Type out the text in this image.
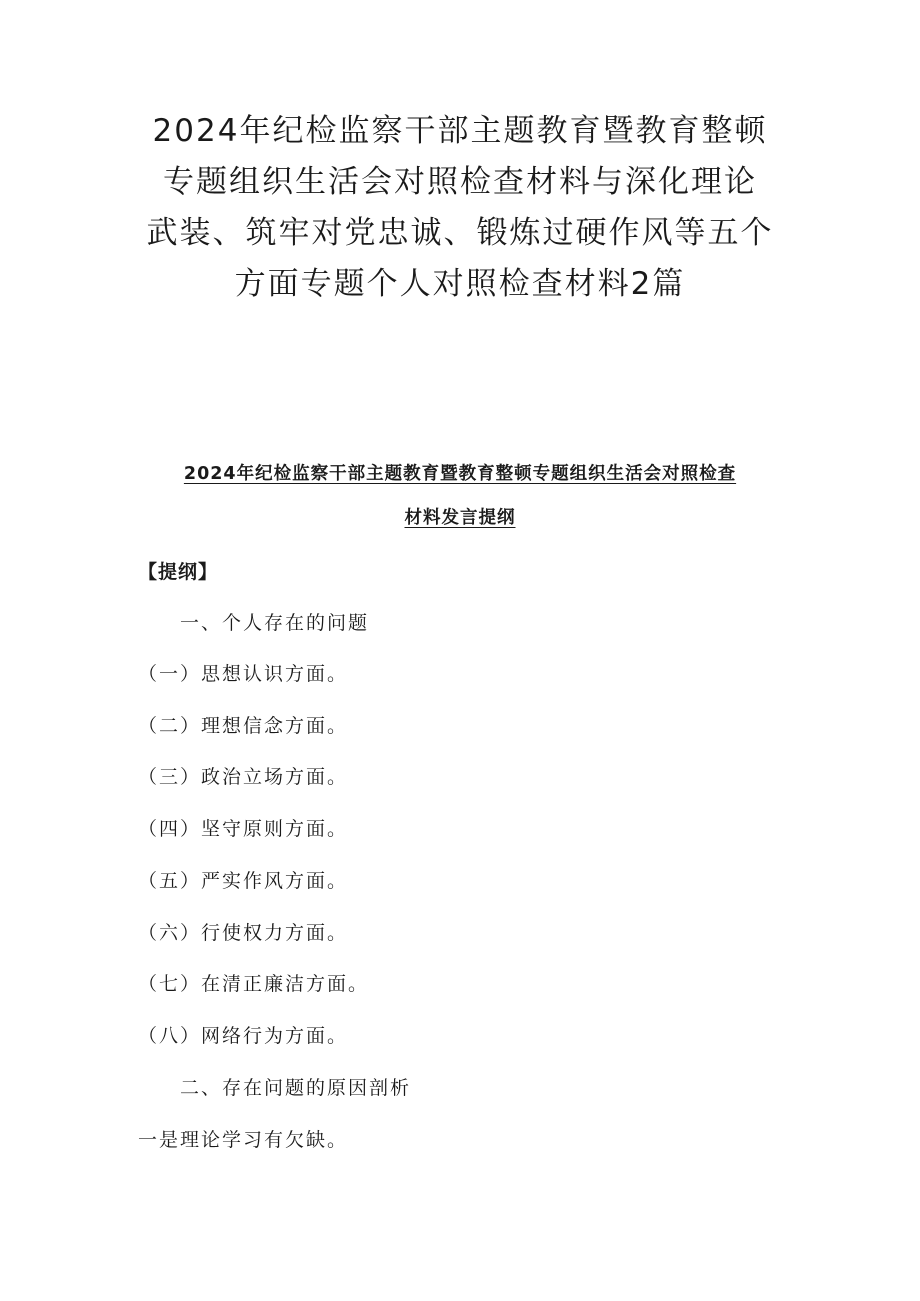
2024年纪检监察干部主题教育暨教育整顿
专题组织生活会对照检查材料与深化理论
武装、筑牢对党忠诚、锻炼过硬作风等五个
方面专题个人对照检查材料2篇
2024年纪检监察干部主题教育暨教育整顿专题组织生活会对照检查
材料发言提纲

【提纲】

一、个人存在的问题

（一）思想认识方面。

（二）理想信念方面。

（三）政治立场方面。

（四）坚守原则方面。

（五）严实作风方面。

（六）行使权力方面。

（七）在清正廉洁方面。

（八）网络行为方面。

二、存在问题的原因剖析

一是理论学习有欠缺。
